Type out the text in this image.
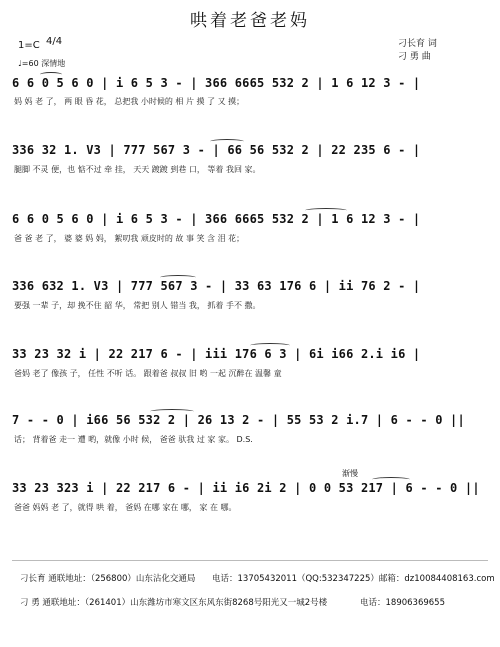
哄着老爸老妈
1=C 4/4
♩=60 深情地
刁长育 词
刁 勇 曲
6 6 0 5 6 0 | i 6 5 3 - | 366 6665 532 2 | 1 6 12 3 - |
妈 妈 老 了， 两 眼 昏 花， 总把我 小时候的 相 片 摸 了 又 摸；
336 32 1. V3 | 777 567 3 - | 66 56 532 2 | 22 235 6 - |
腿脚 不灵 便，也 惦不过 牵 挂， 天天 踱踱 到巷 口， 等着 我回 家。
6 6 0 5 6 0 | i 6 5 3 - | 366 6665 532 2 | 1 6 12 3 - |
爸 爸 老 了， 婆 婆 妈 妈， 絮叨我 顽皮时的 故 事 笑 含 泪 花；
336 632 1. V3 | 777 567 3 - | 33 63 176 6 | ii 76 2 - |
要强 一辈 子，却 挽不住 韶 华， 常把 别人 错当 我， 抓着 手不 撒。
33 23 32 i | 22 217 6 - | iii 176 6 3 | 6i i66 2.i i6 |
爸妈 老了 像孩 子， 任性 不听 话。 跟着爸 叔叔 旧 哟 一起 沉醉在 温馨 童
7 - - 0 | i66 56 532 2 | 26 13 2 - | 55 53 2 i.7 | 6 - - 0 ||
话； 背着爸 走一 遭 哟，就像 小时 候， 爸爸 驮我 过 家 家。 D.S.
渐慢
33 23 323 i | 22 217 6 - | ii i6 2i 2 | 0 0 53 217 | 6 - - 0 ||
爸爸 妈妈 老 了，就得 哄 着， 爸妈 在哪 家在 哪， 家 在 哪。
刁长育 通联地址：（256800）山东沾化交通局 电话：13705432011（QQ:532347225）邮箱：dz10084408163.com
刁 勇 通联地址：（261401）山东潍坊市寒文区东风东街8268号阳光又一城2号楼	电话：18906369655
